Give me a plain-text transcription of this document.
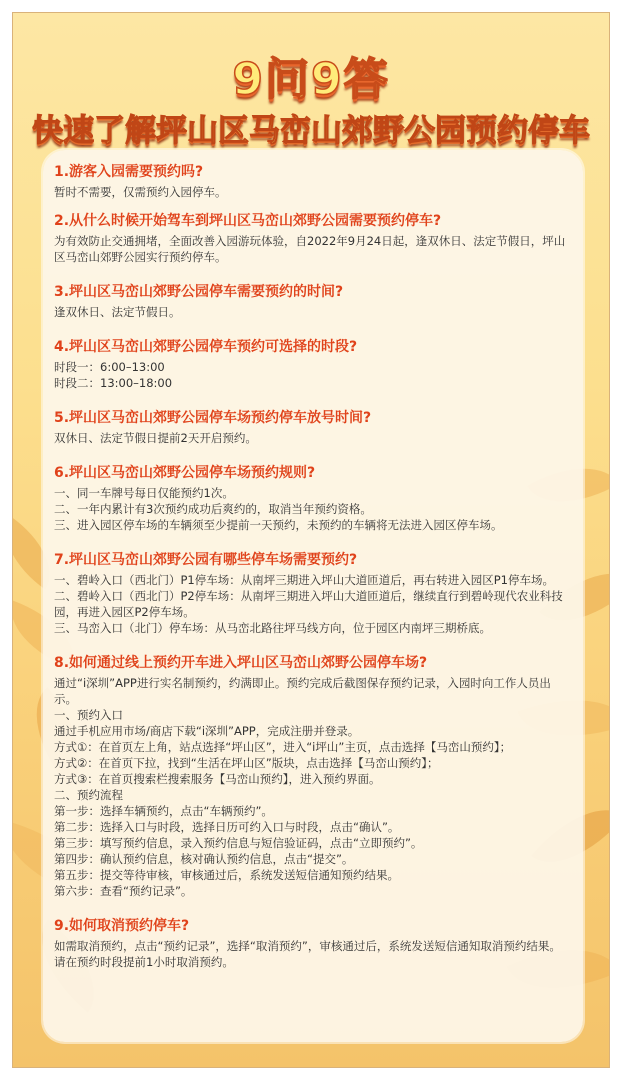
9问9答
快速了解坪山区马峦山郊野公园预约停车
1.游客入园需要预约吗?

暂时不需要，仅需预约入园停车。

2.从什么时候开始驾车到坪山区马峦山郊野公园需要预约停车?

为有效防止交通拥堵，全面改善入园游玩体验，自2022年9月24日起，逢双休日、法定节假日，坪山区马峦山郊野公园实行预约停车。

3.坪山区马峦山郊野公园停车需要预约的时间?

逢双休日、法定节假日。

4.坪山区马峦山郊野公园停车预约可选择的时段?

时段一：6:00–13:00

时段二：13:00–18:00

5.坪山区马峦山郊野公园停车场预约停车放号时间?

双休日、法定节假日提前2天开启预约。

6.坪山区马峦山郊野公园停车场预约规则?

一、同一车牌号每日仅能预约1次。

二、一年内累计有3次预约成功后爽约的，取消当年预约资格。

三、进入园区停车场的车辆须至少提前一天预约，未预约的车辆将无法进入园区停车场。

7.坪山区马峦山郊野公园有哪些停车场需要预约?

一、碧岭入口（西北门）P1停车场：从南坪三期进入坪山大道匝道后，再右转进入园区P1停车场。

二、碧岭入口（西北门）P2停车场：从南坪三期进入坪山大道匝道后，继续直行到碧岭现代农业科技园，再进入园区P2停车场。

三、马峦入口（北门）停车场：从马峦北路往坪马线方向，位于园区内南坪三期桥底。

8.如何通过线上预约开车进入坪山区马峦山郊野公园停车场?

通过“i深圳”APP进行实名制预约，约满即止。预约完成后截图保存预约记录，入园时向工作人员出示。

一、预约入口

通过手机应用市场/商店下载“i深圳”APP，完成注册并登录。

方式①：在首页左上角，站点选择“坪山区”，进入“i坪山”主页，点击选择【马峦山预约】；

方式②：在首页下拉，找到“生活在坪山区”版块，点击选择【马峦山预约】；

方式③：在首页搜索栏搜索服务【马峦山预约】，进入预约界面。

二、预约流程

第一步：选择车辆预约，点击“车辆预约”。

第二步：选择入口与时段，选择日历可约入口与时段，点击“确认”。

第三步：填写预约信息，录入预约信息与短信验证码，点击“立即预约”。

第四步：确认预约信息，核对确认预约信息，点击“提交”。

第五步：提交等待审核，审核通过后，系统发送短信通知预约结果。

第六步：查看“预约记录”。

9.如何取消预约停车?

如需取消预约，点击“预约记录”，选择“取消预约”，审核通过后，系统发送短信通知取消预约结果。请在预约时段提前1小时取消预约。
